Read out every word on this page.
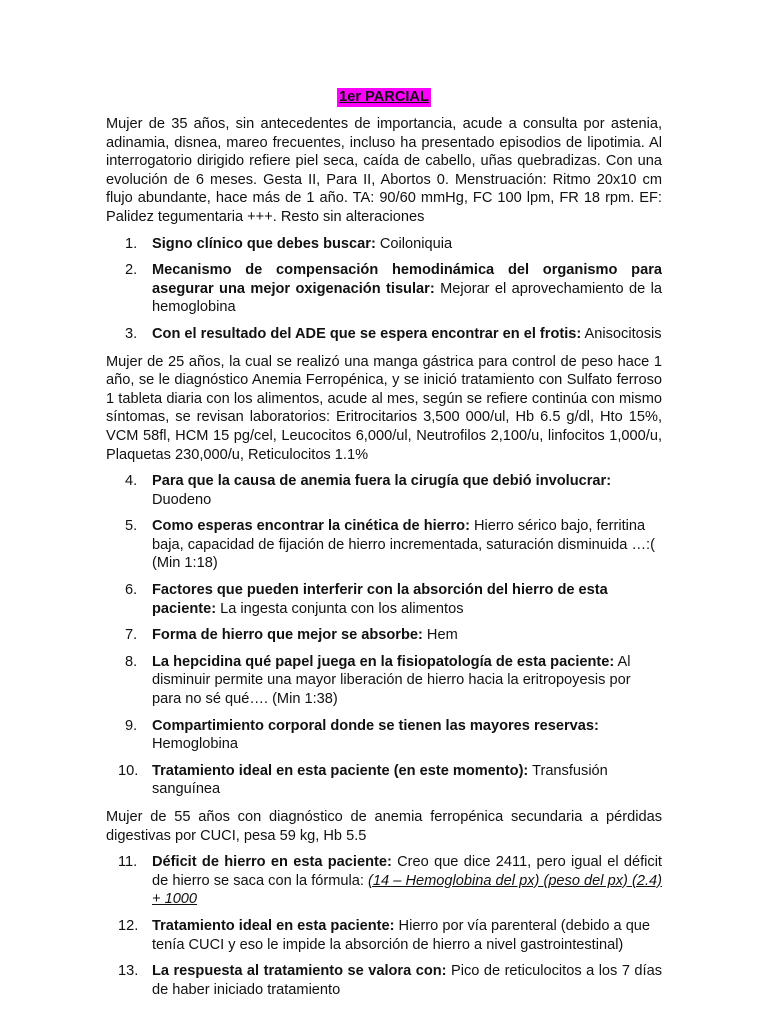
1er PARCIAL

Mujer de 35 años, sin antecedentes de importancia, acude a consulta por astenia, adinamia, disnea, mareo frecuentes, incluso ha presentado episodios de lipotimia. Al interrogatorio dirigido refiere piel seca, caída de cabello, uñas quebradizas. Con una evolución de 6 meses. Gesta II, Para II, Abortos 0. Menstruación: Ritmo 20x10 cm flujo abundante, hace más de 1 año. TA: 90/60 mmHg, FC 100 lpm, FR 18 rpm. EF: Palidez tegumentaria +++. Resto sin alteraciones

1. Signo clínico que debes buscar: Coiloniquia
2. Mecanismo de compensación hemodinámica del organismo para asegurar una mejor oxigenación tisular: Mejorar el aprovechamiento de la hemoglobina
3. Con el resultado del ADE que se espera encontrar en el frotis: Anisocitosis

Mujer de 25 años, la cual se realizó una manga gástrica para control de peso hace 1 año, se le diagnóstico Anemia Ferropénica, y se inició tratamiento con Sulfato ferroso 1 tableta diaria con los alimentos, acude al mes, según se refiere continúa con mismo síntomas, se revisan laboratorios: Eritrocitarios 3,500 000/ul, Hb 6.5 g/dl, Hto 15%, VCM 58fl, HCM 15 pg/cel, Leucocitos 6,000/ul, Neutrofilos 2,100/u, linfocitos 1,000/u, Plaquetas 230,000/u, Reticulocitos 1.1%

4. Para que la causa de anemia fuera la cirugía que debió involucrar: Duodeno
5. Como esperas encontrar la cinética de hierro: Hierro sérico bajo, ferritina baja, capacidad de fijación de hierro incrementada, saturación disminuida …:( (Min 1:18)
6. Factores que pueden interferir con la absorción del hierro de esta paciente: La ingesta conjunta con los alimentos
7. Forma de hierro que mejor se absorbe: Hem
8. La hepcidina qué papel juega en la fisiopatología de esta paciente: Al disminuir permite una mayor liberación de hierro hacia la eritropoyesis por para no sé qué…. (Min 1:38)
9. Compartimiento corporal donde se tienen las mayores reservas: Hemoglobina
10. Tratamiento ideal en esta paciente (en este momento): Transfusión sanguínea

Mujer de 55 años con diagnóstico de anemia ferropénica secundaria a pérdidas digestivas por CUCI, pesa 59 kg, Hb 5.5

11. Déficit de hierro en esta paciente: Creo que dice 2411, pero igual el déficit de hierro se saca con la fórmula: (14 – Hemoglobina del px) (peso del px) (2.4) + 1000
12. Tratamiento ideal en esta paciente: Hierro por vía parenteral (debido a que tenía CUCI y eso le impide la absorción de hierro a nivel gastrointestinal)
13. La respuesta al tratamiento se valora con: Pico de reticulocitos a los 7 días de haber iniciado tratamiento
